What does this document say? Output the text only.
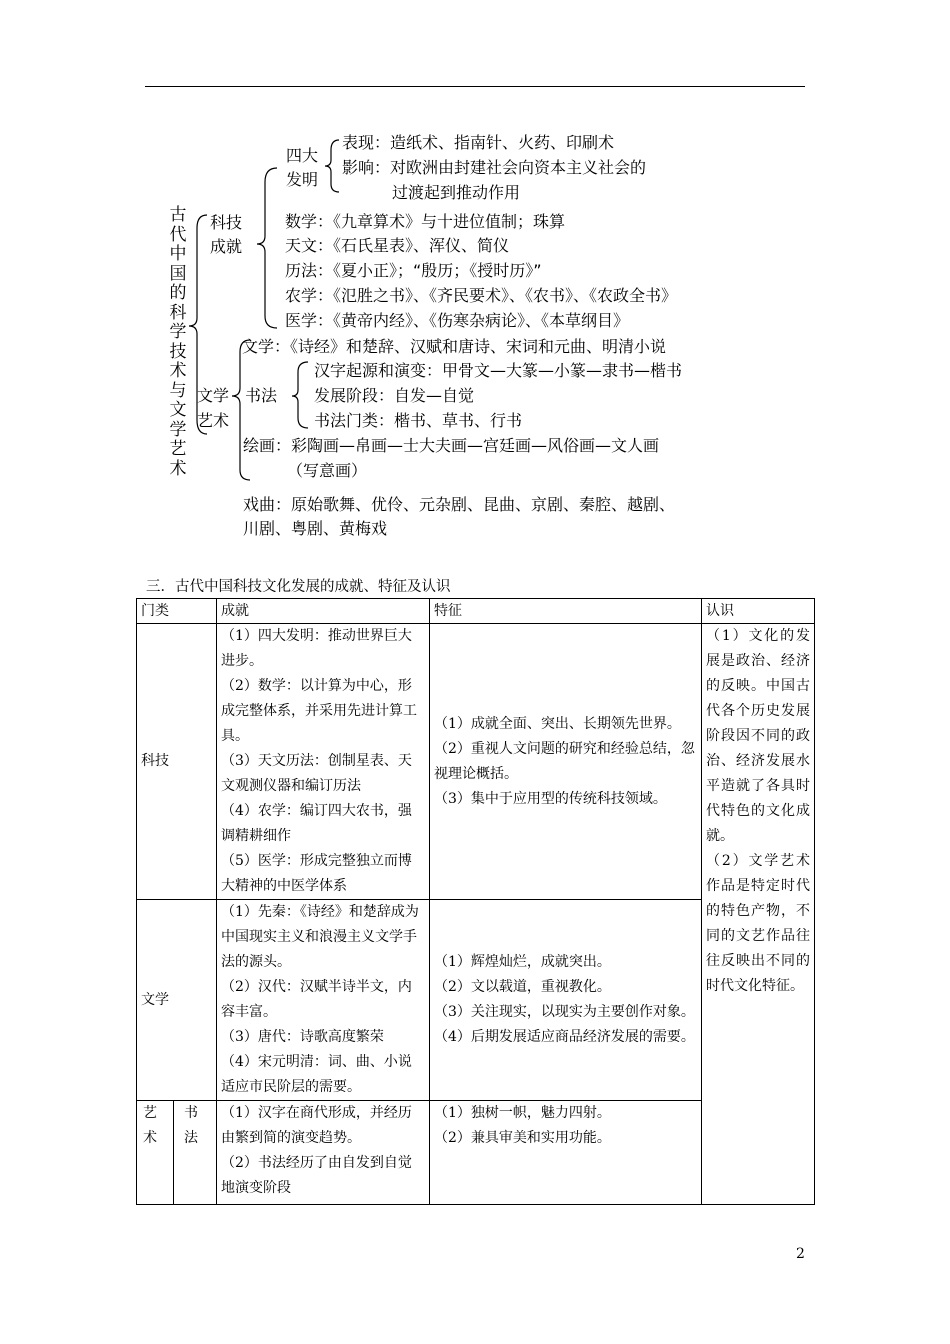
古代中国的科学技术与文学艺术
科技
成就
四大
发明
表现：造纸术、指南针、火药、印刷术
影响：对欧洲由封建社会向资本主义社会的
过渡起到推动作用
数学：《九章算术》与十进位值制；珠算
天文：《石氏星表》、浑仪、简仪
历法：《夏小正》；“殷历；《授时历》”
农学：《氾胜之书》、《齐民要术》、《农书》、《农政全书》
医学：《黄帝内经》、《伤寒杂病论》、《本草纲目》
文学
艺术
文学：《诗经》和楚辞、汉赋和唐诗、宋词和元曲、明清小说
书法
汉字起源和演变：甲骨文—大篆—小篆—隶书—楷书
发展阶段：自发—自觉
书法门类：楷书、草书、行书
绘画：彩陶画—帛画—士大夫画—宫廷画—风俗画—文人画
（写意画）
戏曲：原始歌舞、优伶、元杂剧、昆曲、京剧、秦腔、越剧、
川剧、粤剧、黄梅戏
三．古代中国科技文化发展的成就、特征及认识
门类		成就	特征	认识
科技		（1）四大发明：推动世界巨大进步。
（2）数学：以计算为中心，形成完整体系，并采用先进计算工具。
（3）天文历法：创制星表、天文观测仪器和编订历法
（4）农学：编订四大农书，强调精耕细作
（5）医学：形成完整独立而博大精神的中医学体系	（1）成就全面、突出、长期领先世界。
（2）重视人文问题的研究和经验总结，忽视理论概括。
（3）集中于应用型的传统科技领域。	（1）文化的发展是政治、经济的反映。中国古代各个历史发展阶段因不同的政治、经济发展水平造就了各具时代特色的文化成就。
（2）文学艺术作品是特定时代的特色产物，不同的文艺作品往往反映出不同的时代文化特征。

文学		（1）先秦：《诗经》和楚辞成为中国现实主义和浪漫主义文学手法的源头。
（2）汉代：汉赋半诗半文，内容丰富。
（3）唐代：诗歌高度繁荣
（4）宋元明清：词、曲、小说适应市民阶层的需要。	（1）辉煌灿烂，成就突出。
（2）文以载道，重视教化。
（3）关注现实，以现实为主要创作对象。
（4）后期发展适应商品经济发展的需要。	

艺术	书法	（1）汉字在商代形成，并经历由繁到简的演变趋势。
（2）书法经历了由自发到自觉地演变阶段	（1）独树一帜，魅力四射。
（2）兼具审美和实用功能。	
2
